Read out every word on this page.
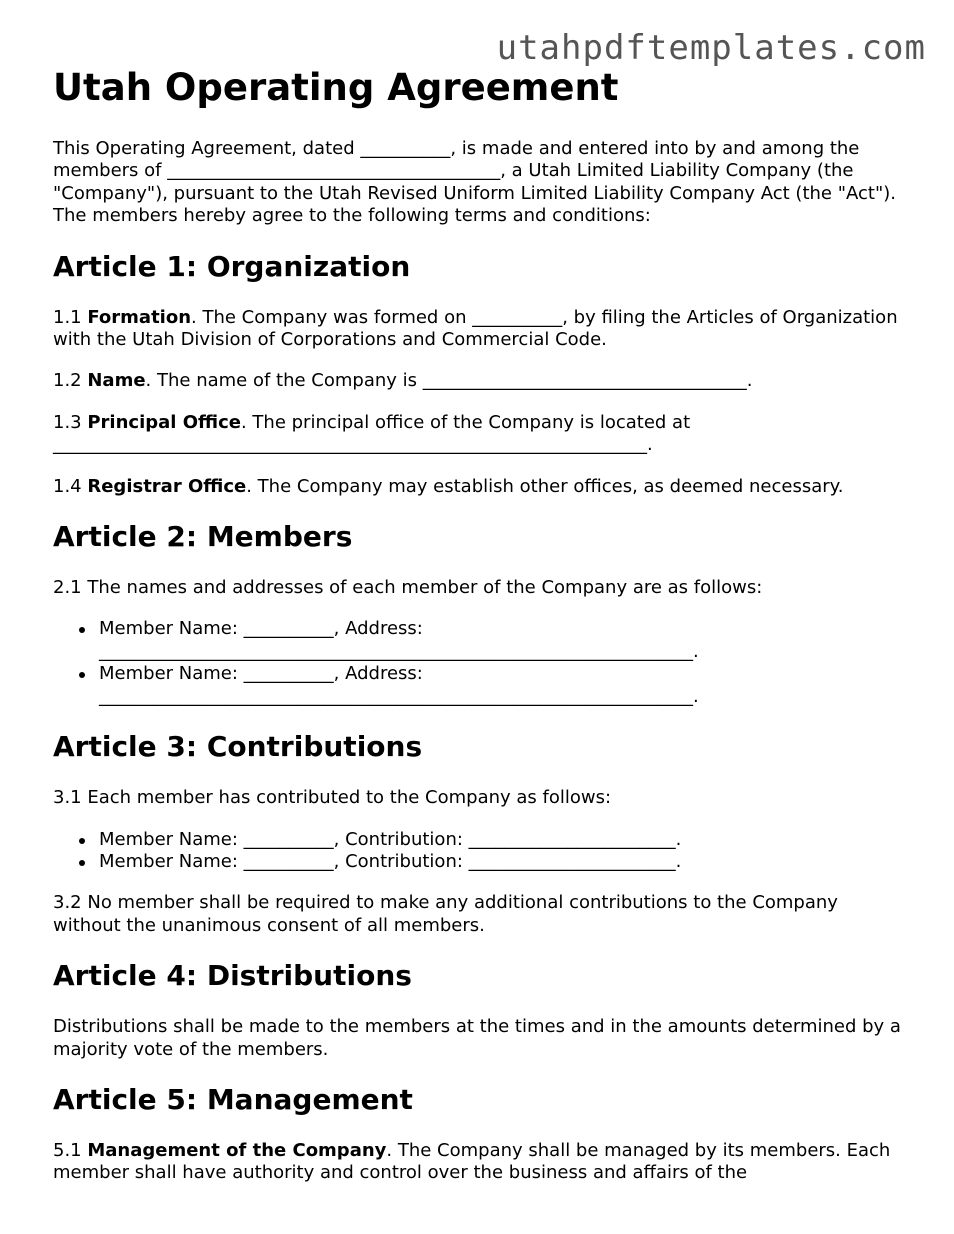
utahpdftemplates.com
Utah Operating Agreement

This Operating Agreement, dated __________, is made and entered into by and among the members of _____________________________________, a Utah Limited Liability Company (the "Company"), pursuant to the Utah Revised Uniform Limited Liability Company Act (the "Act"). The members hereby agree to the following terms and conditions:

Article 1: Organization

1.1 Formation. The Company was formed on __________, by filing the Articles of Organization with the Utah Division of Corporations and Commercial Code.

1.2 Name. The name of the Company is ____________________________________.

1.3 Principal Office. The principal office of the Company is located at
__________________________________________________________________.

1.4 Registrar Office. The Company may establish other offices, as deemed necessary.

Article 2: Members

2.1 The names and addresses of each member of the Company are as follows:

Member Name: __________, Address:
__________________________________________________________________.
Member Name: __________, Address:
__________________________________________________________________.
Article 3: Contributions

3.1 Each member has contributed to the Company as follows:

Member Name: __________, Contribution: _______________________.
Member Name: __________, Contribution: _______________________.

3.2 No member shall be required to make any additional contributions to the Company without the unanimous consent of all members.

Article 4: Distributions

Distributions shall be made to the members at the times and in the amounts determined by a majority vote of the members.

Article 5: Management

5.1 Management of the Company. The Company shall be managed by its members. Each member shall have authority and control over the business and affairs of the
